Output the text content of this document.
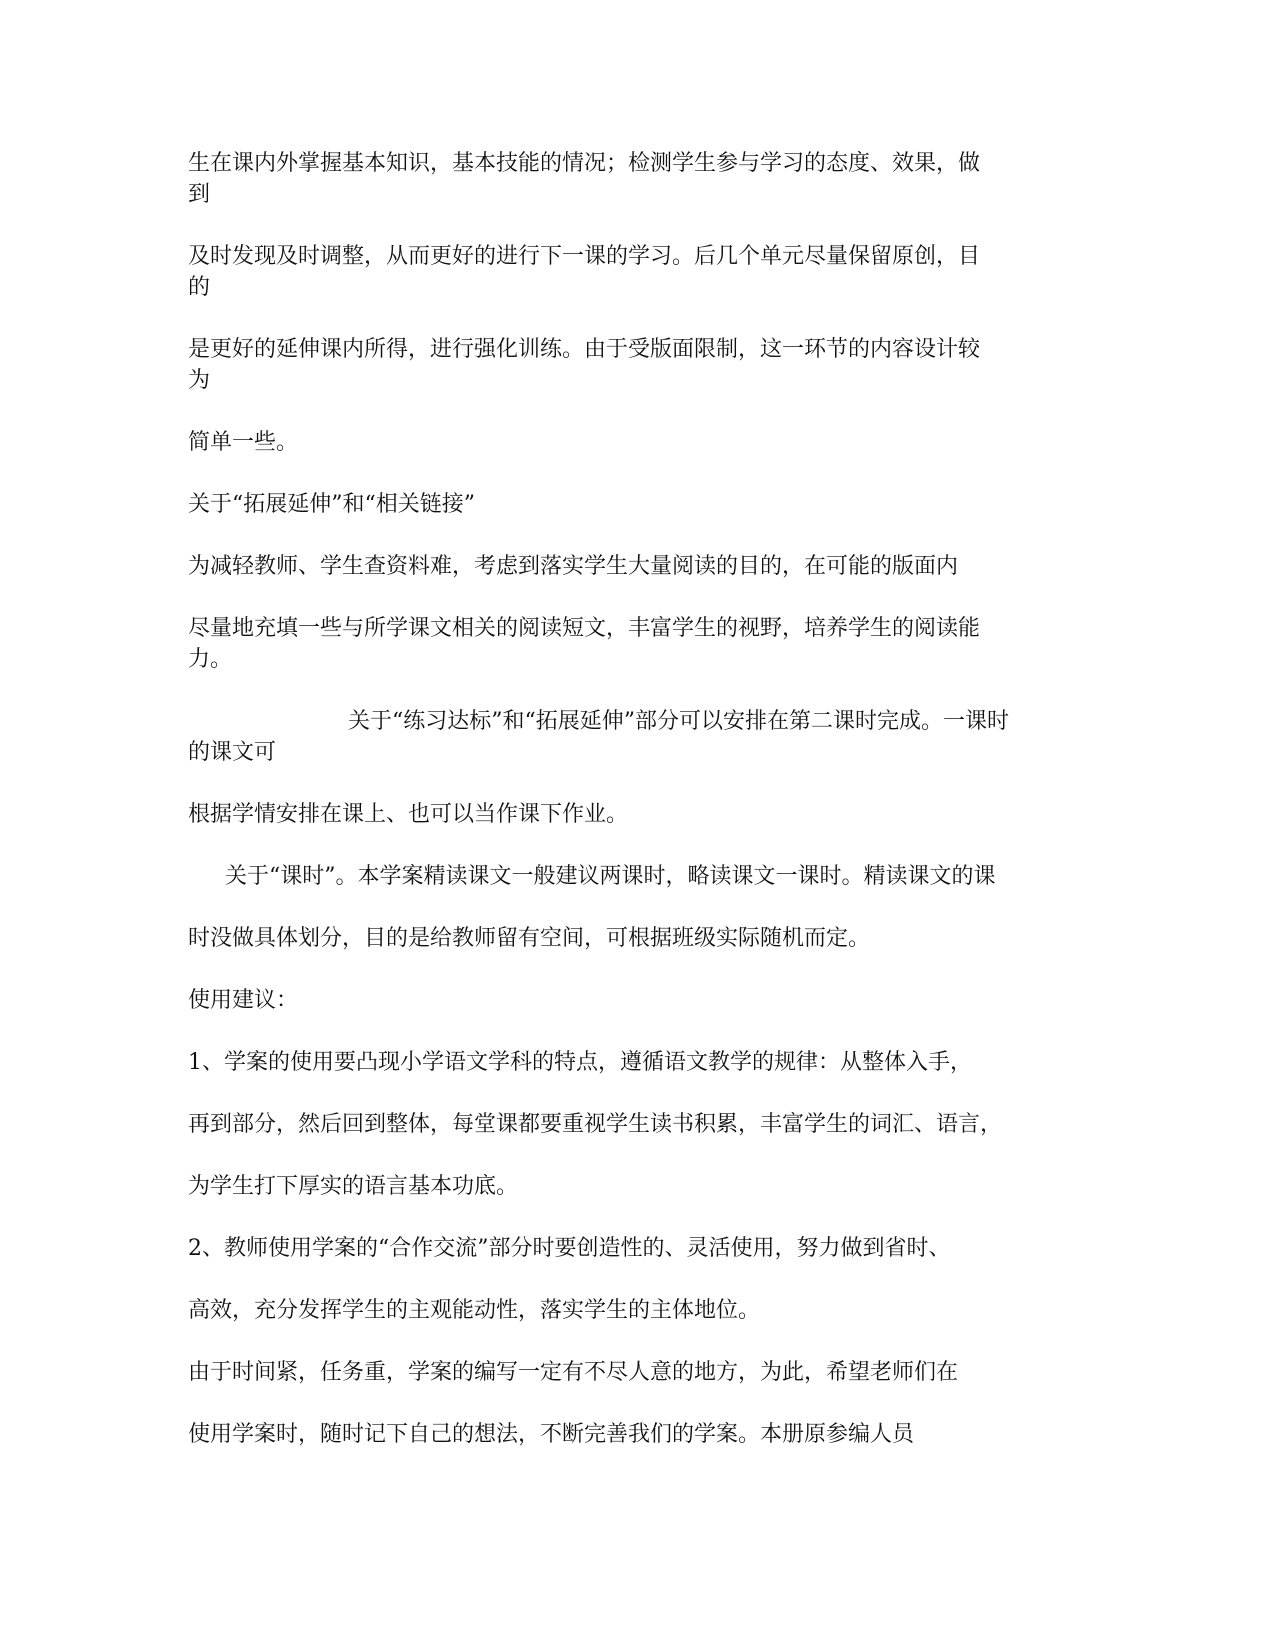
生在课内外掌握基本知识，基本技能的情况；检测学生参与学习的态度、效果，做
到

及时发现及时调整，从而更好的进行下一课的学习。后几个单元尽量保留原创，目
的

是更好的延伸课内所得，进行强化训练。由于受版面限制，这一环节的内容设计较
为

简单一些。

关于“拓展延伸”和“相关链接”

为减轻教师、学生查资料难，考虑到落实学生大量阅读的目的，在可能的版面内

尽量地充填一些与所学课文相关的阅读短文，丰富学生的视野，培养学生的阅读能
力。

关于“练习达标”和“拓展延伸”部分可以安排在第二课时完成。一课时
的课文可

根据学情安排在课上、也可以当作课下作业。

关于“课时”。本学案精读课文一般建议两课时，略读课文一课时。精读课文的课

时没做具体划分，目的是给教师留有空间，可根据班级实际随机而定。

使用建议：

1、学案的使用要凸现小学语文学科的特点，遵循语文教学的规律：从整体入手，

再到部分，然后回到整体，每堂课都要重视学生读书积累，丰富学生的词汇、语言，

为学生打下厚实的语言基本功底。

2、教师使用学案的“合作交流”部分时要创造性的、灵活使用，努力做到省时、

高效，充分发挥学生的主观能动性，落实学生的主体地位。

由于时间紧，任务重，学案的编写一定有不尽人意的地方，为此，希望老师们在

使用学案时，随时记下自己的想法，不断完善我们的学案。本册原参编人员
